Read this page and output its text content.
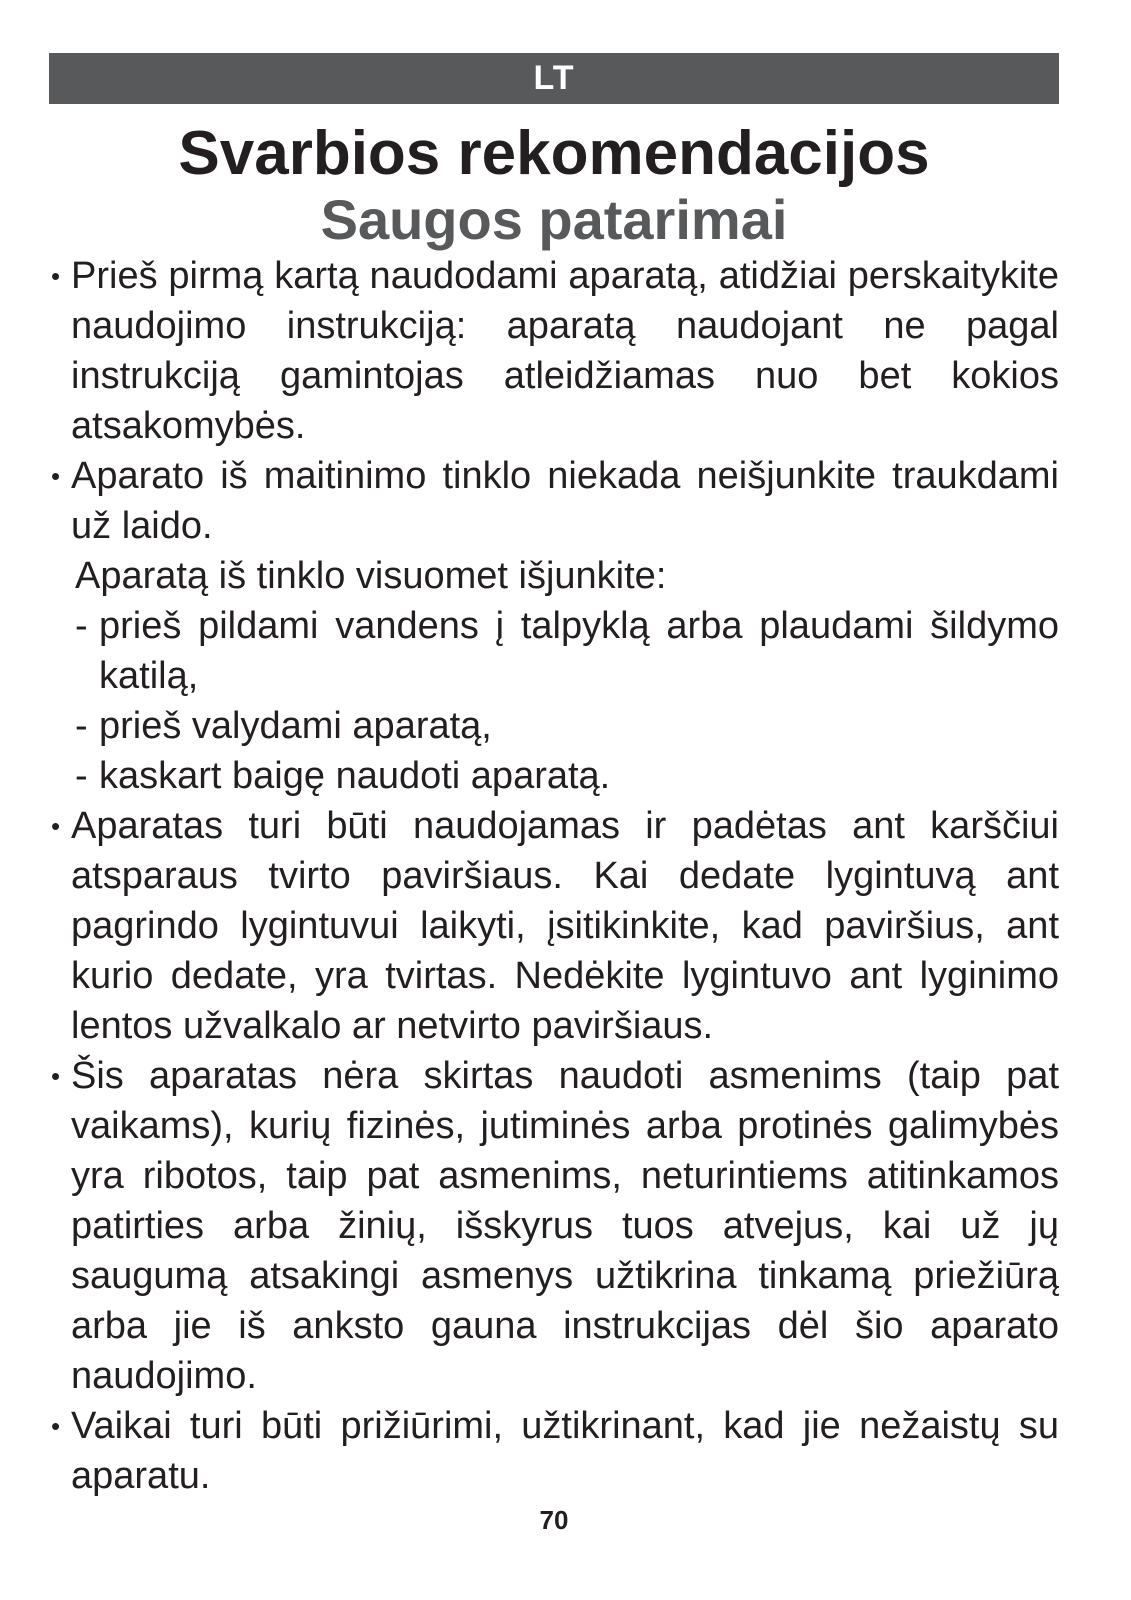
LT
Svarbios rekomendacijos
Saugos patarimai
• Prieš pirmą kartą naudodami aparatą, atidžiai perskaitykite naudojimo instrukciją: aparatą naudojant ne pagal instrukciją gamintojas atleidžiamas nuo bet kokios atsakomybės.
• Aparato iš maitinimo tinklo niekada neišjunkite traukdami už laido.

Aparatą iš tinklo visuomet išjunkite:

- prieš pildami vandens į talpyklą arba plaudami šildymo katilą,
- prieš valydami aparatą,
- kaskart baigę naudoti aparatą.
• Aparatas turi būti naudojamas ir padėtas ant karščiui atsparaus tvirto paviršiaus. Kai dedate lygintuvą ant pagrindo lygintuvui laikyti, įsitikinkite, kad paviršius, ant kurio dedate, yra tvirtas. Nedėkite lygintuvo ant lyginimo lentos užvalkalo ar netvirto paviršiaus.
• Šis aparatas nėra skirtas naudoti asmenims (taip pat vaikams), kurių fizinės, jutiminės arba protinės galimybės yra ribotos, taip pat asmenims, neturintiems atitinkamos patirties arba žinių, išskyrus tuos atvejus, kai už jų saugumą atsakingi asmenys užtikrina tinkamą priežiūrą arba jie iš anksto gauna instrukcijas dėl šio aparato naudojimo.
• Vaikai turi būti prižiūrimi, užtikrinant, kad jie nežaistų su aparatu.
70
